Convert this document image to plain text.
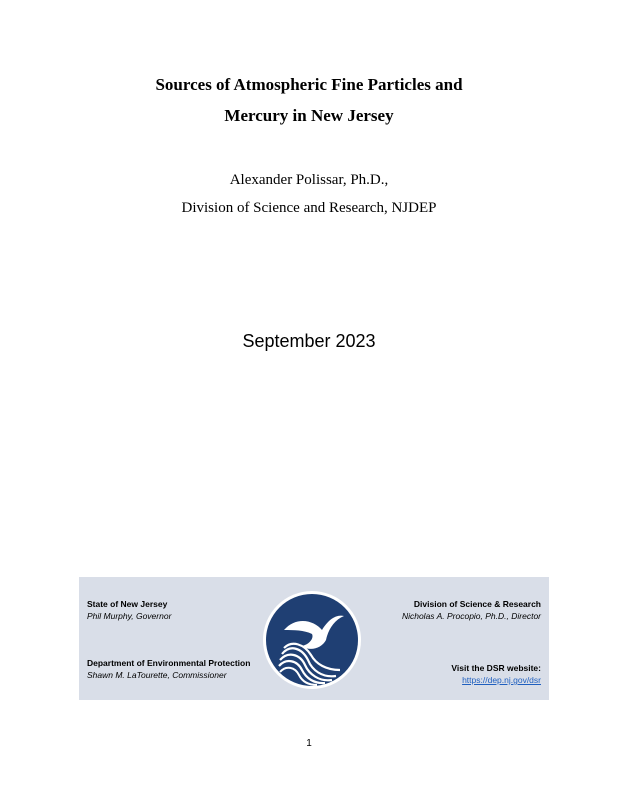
Sources of Atmospheric Fine Particles and
Mercury in New Jersey
Alexander Polissar, Ph.D.,
Division of Science and Research, NJDEP
September 2023
State of New Jersey
Phil Murphy, Governor
Department of Environmental Protection
Shawn M. LaTourette, Commissioner
Division of Science & Research
Nicholas A. Procopio, Ph.D., Director
Visit the DSR website:
https://dep.nj.gov/dsr
1
